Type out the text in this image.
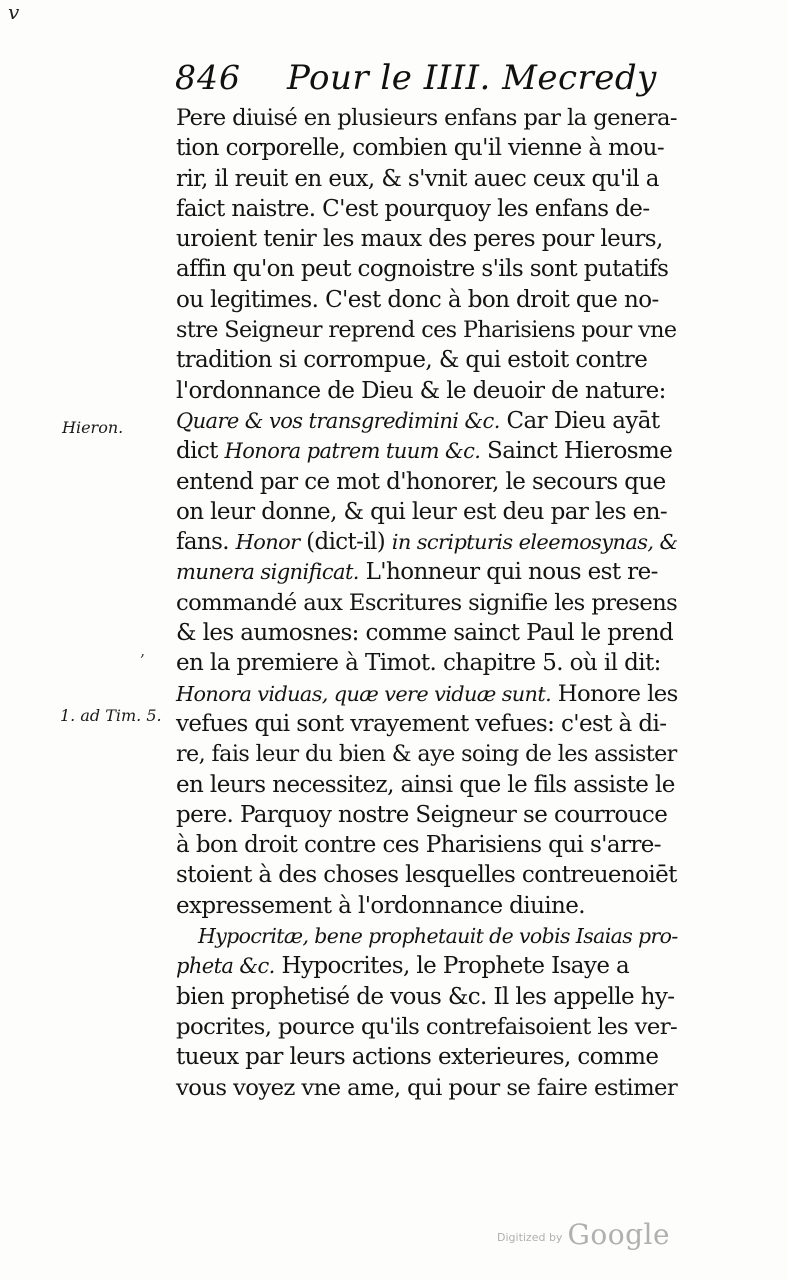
v
846 Pour le IIII. Mecredy
Hieron.
1. ad Tim. 5.
‚
Pere diuisé en plusieurs enfans par la genera-
tion corporelle, combien qu'il vienne à mou-
rir, il reuit en eux, & s'vnit auec ceux qu'il a
faict naistre. C'est pourquoy les enfans de-
uroient tenir les maux des peres pour leurs,
affin qu'on peut cognoistre s'ils sont putatifs
ou legitimes. C'est donc à bon droit que no-
stre Seigneur reprend ces Pharisiens pour vne
tradition si corrompue, & qui estoit contre
l'ordonnance de Dieu & le deuoir de nature:
Quare & vos transgredimini &c. Car Dieu ayāt
dict Honora patrem tuum &c. Sainct Hierosme
entend par ce mot d'honorer, le secours que
on leur donne, & qui leur est deu par les en-
fans. Honor (dict-il) in scripturis eleemosynas, &
munera significat. L'honneur qui nous est re-
commandé aux Escritures signifie les presens
& les aumosnes: comme sainct Paul le prend
en la premiere à Timot. chapitre 5. où il dit:
Honora viduas, quæ vere viduæ sunt. Honore les
vefues qui sont vrayement vefues: c'est à di-
re, fais leur du bien & aye soing de les assister
en leurs necessitez, ainsi que le fils assiste le
pere. Parquoy nostre Seigneur se courrouce
à bon droit contre ces Pharisiens qui s'arre-
stoient à des choses lesquelles contreuenoiēt
expressement à l'ordonnance diuine.
Hypocritæ, bene prophetauit de vobis Isaias pro-
pheta &c. Hypocrites, le Prophete Isaye a
bien prophetisé de vous &c. Il les appelle hy-
pocrites, pource qu'ils contrefaisoient les ver-
tueux par leurs actions exterieures, comme
vous voyez vne ame, qui pour se faire estimer
Digitized by Google
